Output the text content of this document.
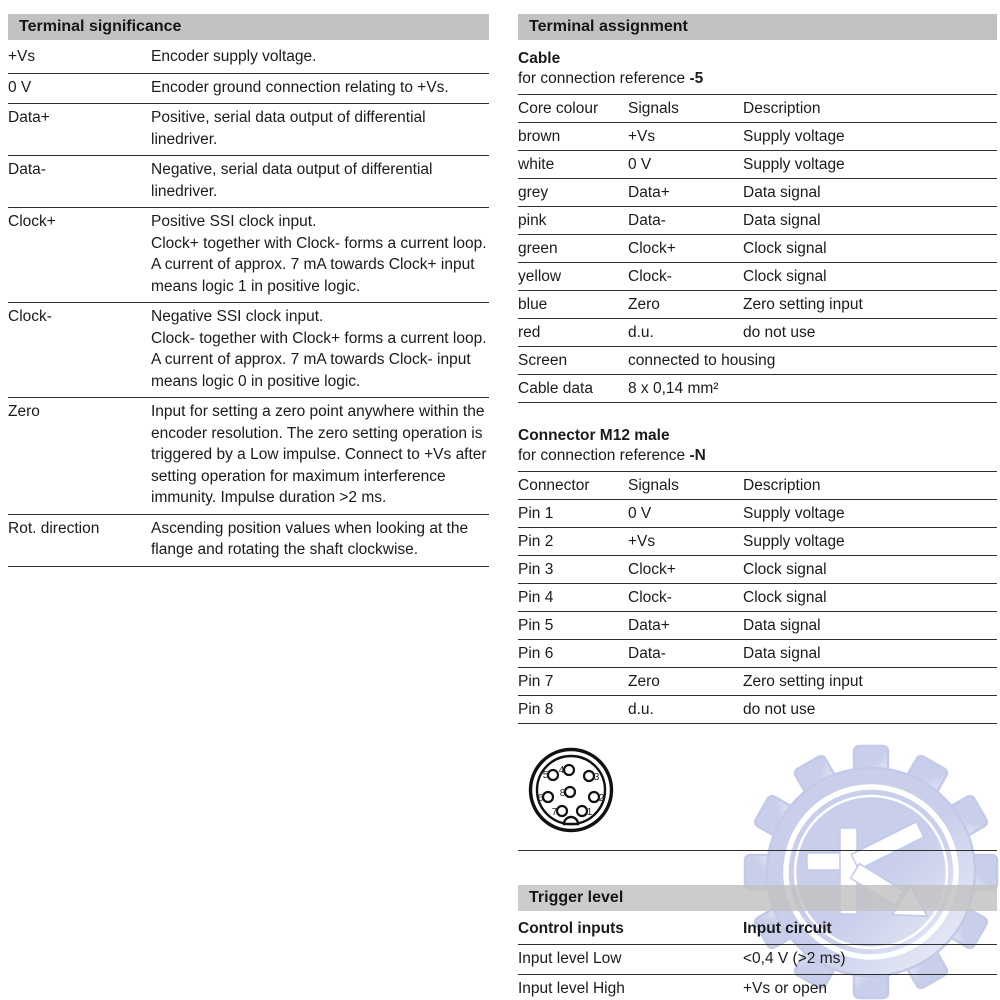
Terminal significance
+Vs	Encoder supply voltage.

0 V	Encoder ground connection relating to +Vs.

Data+	Positive, serial data output of differential linedriver.

Data-	Negative, serial data output of differential linedriver.

Clock+	Positive SSI clock input.
Clock+ together with Clock- forms a current loop. A current of approx. 7 mA towards Clock+ input means logic 1 in positive logic.

Clock-	Negative SSI clock input.
Clock- together with Clock+ forms a current loop. A current of approx. 7 mA towards Clock- input means logic 0 in positive logic.

Zero	Input for setting a zero point anywhere within the encoder resolution. The zero setting operation is triggered by a Low impulse. Connect to +Vs after setting operation for maximum interference immunity. Impulse duration >2 ms.

Rot. direction	Ascending position values when looking at the flange and rotating the shaft clockwise.
Terminal assignment
Cable
for connection reference -5
Core colour	Signals	Description
brown	+Vs	Supply voltage
white	0 V	Supply voltage
grey	Data+	Data signal
pink	Data-	Data signal
green	Clock+	Clock signal
yellow	Clock-	Clock signal
blue	Zero	Zero setting input
red	d.u.	do not use
Screen	connected to housing	
Cable data	8 x 0,14 mm²	
Connector M12 male
for connection reference -N
Connector	Signals	Description
Pin 1	0 V	Supply voltage
Pin 2	+Vs	Supply voltage
Pin 3	Clock+	Clock signal
Pin 4	Clock-	Clock signal
Pin 5	Data+	Data signal
Pin 6	Data-	Data signal
Pin 7	Zero	Zero setting input
Pin 8	d.u.	do not use
1
2
3
4
5
6
7
8
Trigger level
Control inputs	Input circuit
Input level Low	<0,4 V (>2 ms)
Input level High	+Vs or open
